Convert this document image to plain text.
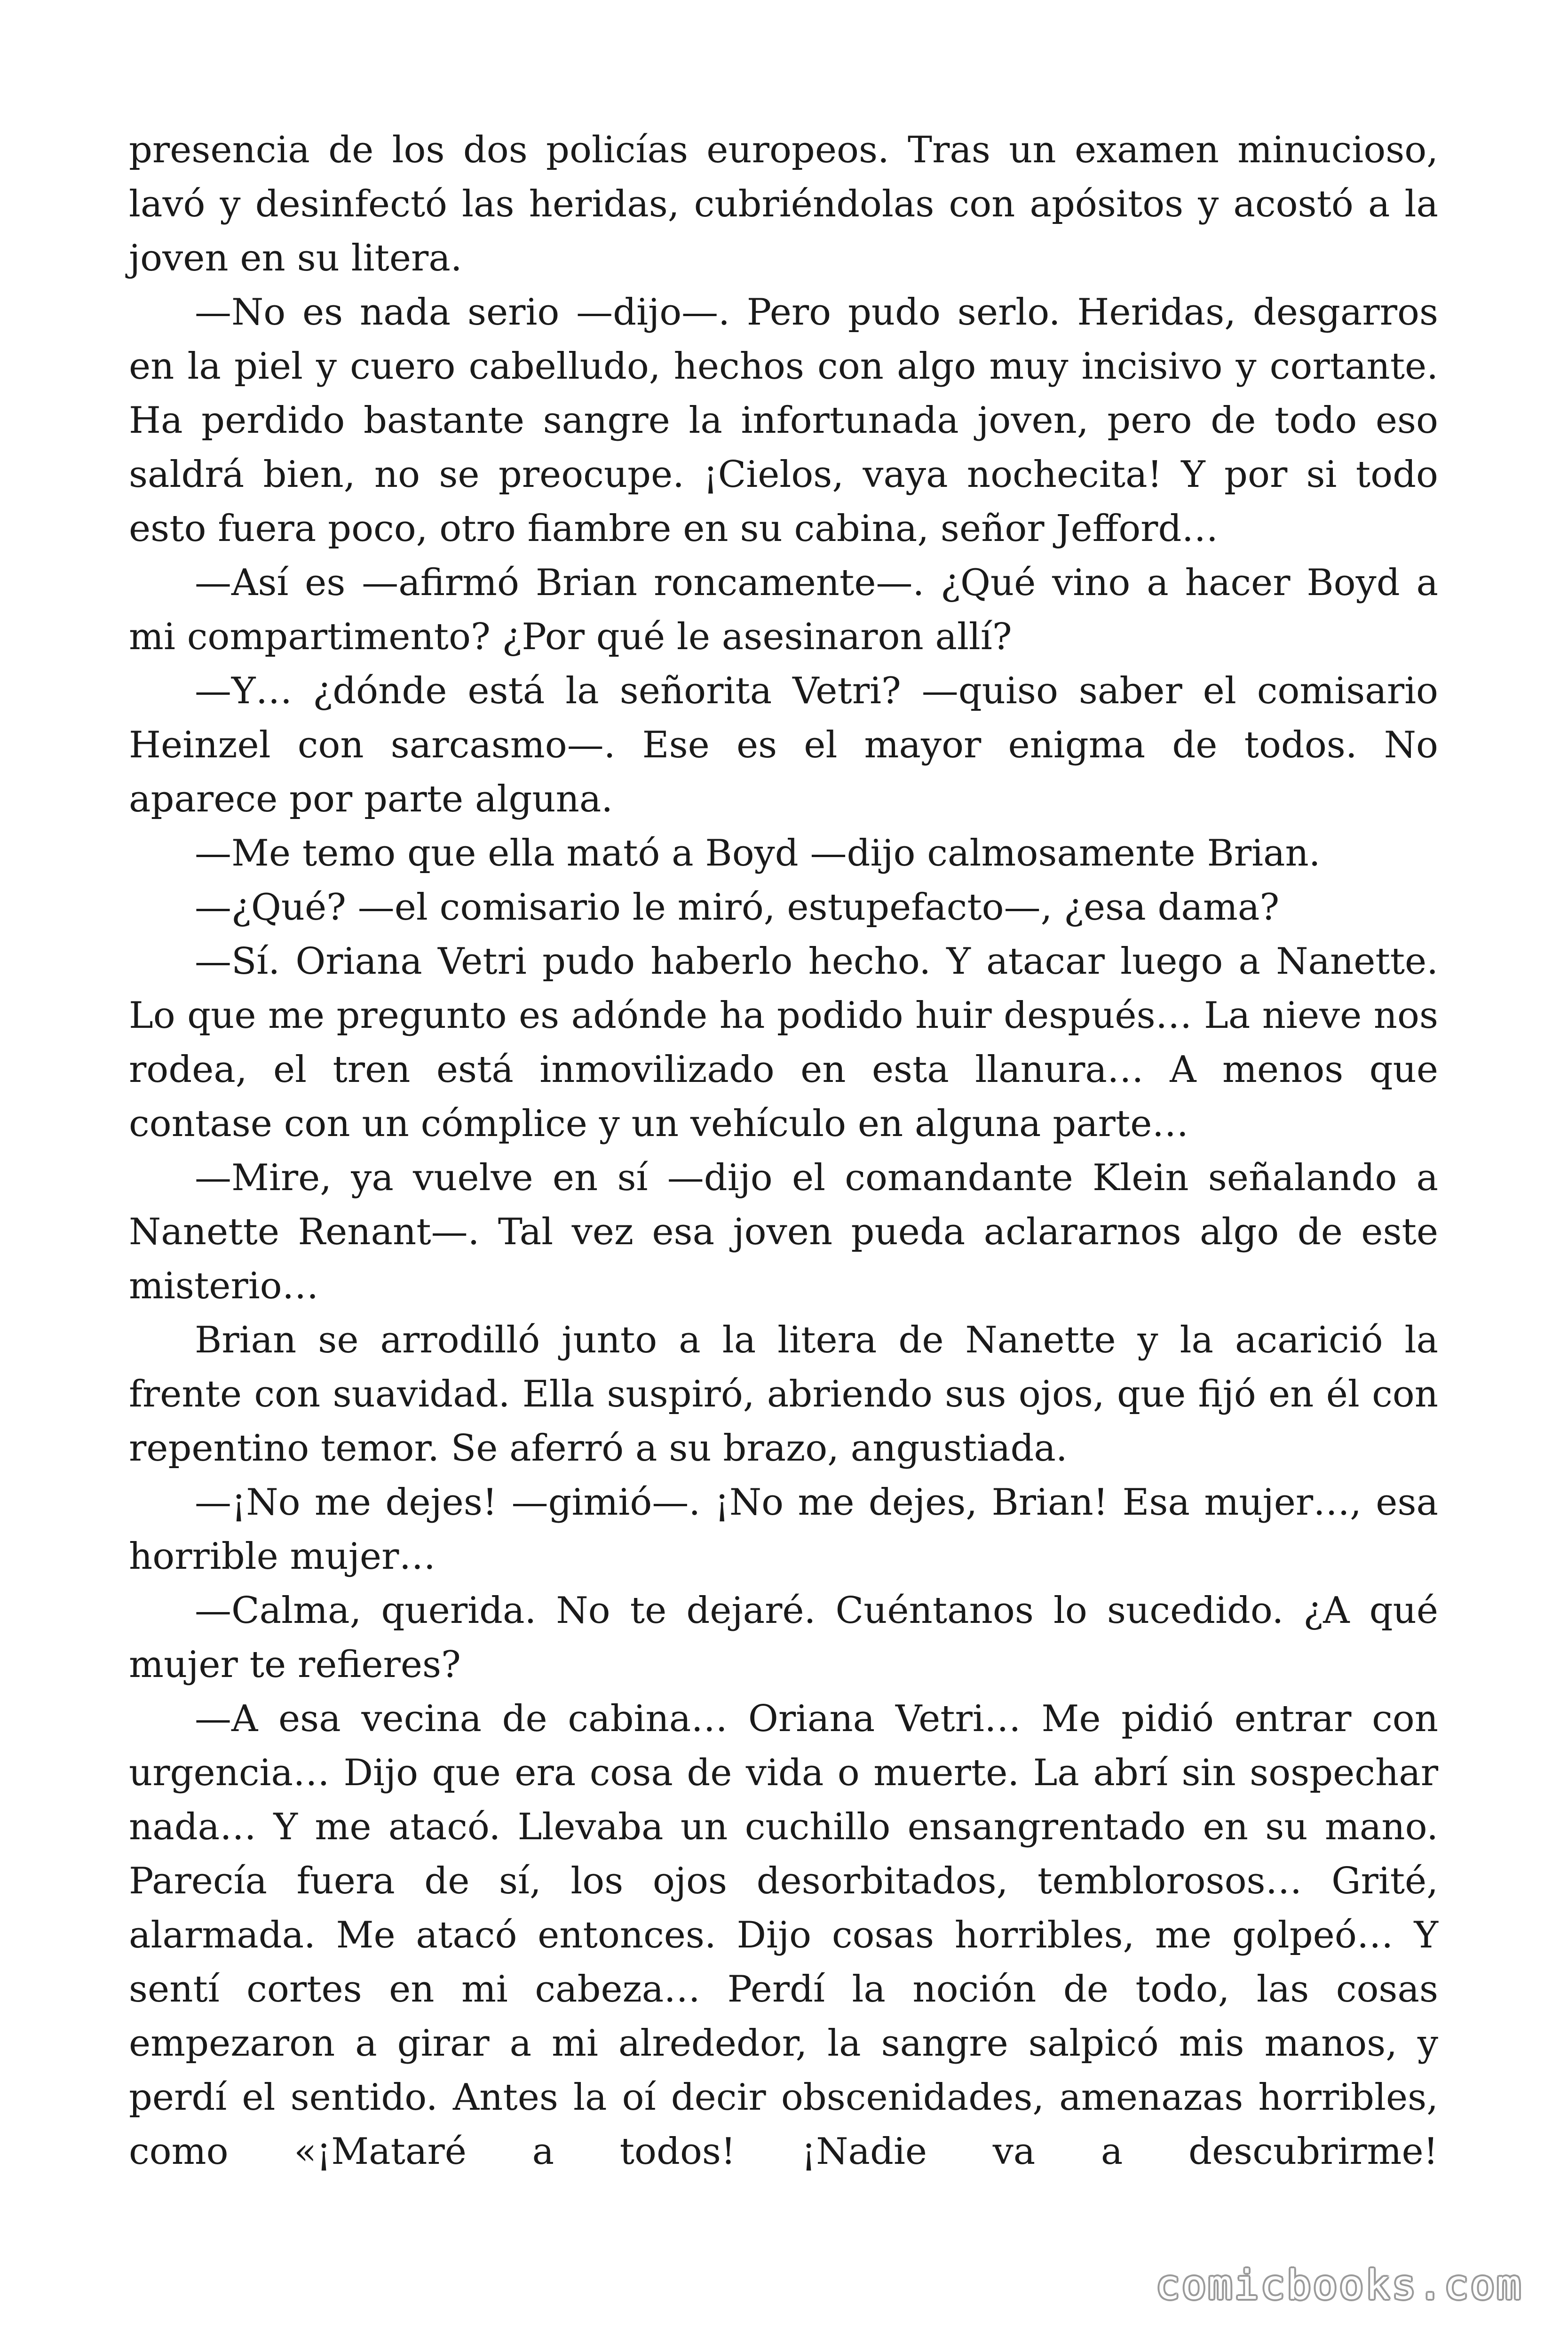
presencia de los dos policías europeos. Tras un examen minucioso, lavó y desinfectó las heridas, cubriéndolas con apósitos y acostó a la joven en su litera.

—No es nada serio —dijo—. Pero pudo serlo. Heridas, desgarros en la piel y cuero cabelludo, hechos con algo muy incisivo y cortante. Ha perdido bastante sangre la infortunada joven, pero de todo eso saldrá bien, no se preocupe. ¡Cielos, vaya nochecita! Y por si todo esto fuera poco, otro fiambre en su cabina, señor Jefford…

—Así es —afirmó Brian roncamente—. ¿Qué vino a hacer Boyd a mi compartimento? ¿Por qué le asesinaron allí?

—Y… ¿dónde está la señorita Vetri? —quiso saber el comisario Heinzel con sarcasmo—. Ese es el mayor enigma de todos. No aparece por parte alguna.

—Me temo que ella mató a Boyd —dijo calmosamente Brian.

—¿Qué? —el comisario le miró, estupefacto—, ¿esa dama?

—Sí. Oriana Vetri pudo haberlo hecho. Y atacar luego a Nanette. Lo que me pregunto es adónde ha podido huir después… La nieve nos rodea, el tren está inmovilizado en esta llanura… A menos que contase con un cómplice y un vehículo en alguna parte…

—Mire, ya vuelve en sí —dijo el comandante Klein señalando a Nanette Renant—. Tal vez esa joven pueda aclararnos algo de este misterio…

Brian se arrodilló junto a la litera de Nanette y la acarició la frente con suavidad. Ella suspiró, abriendo sus ojos, que fijó en él con repentino temor. Se aferró a su brazo, angustiada.

—¡No me dejes! —gimió—. ¡No me dejes, Brian! Esa mujer…, esa horrible mujer…

—Calma, querida. No te dejaré. Cuéntanos lo sucedido. ¿A qué mujer te refieres?

—A esa vecina de cabina… Oriana Vetri… Me pidió entrar con urgencia… Dijo que era cosa de vida o muerte. La abrí sin sospechar nada… Y me atacó. Llevaba un cuchillo ensangrentado en su mano. Parecía fuera de sí, los ojos desorbitados, temblorosos… Grité, alarmada. Me atacó entonces. Dijo cosas horribles, me golpeó… Y sentí cortes en mi cabeza… Perdí la noción de todo, las cosas empezaron a girar a mi alrededor, la sangre salpicó mis manos, y perdí el sentido. Antes la oí decir obscenidades, amenazas horribles, como «¡Mataré a todos! ¡Nadie va a descubrirme!

comicbooks.com
